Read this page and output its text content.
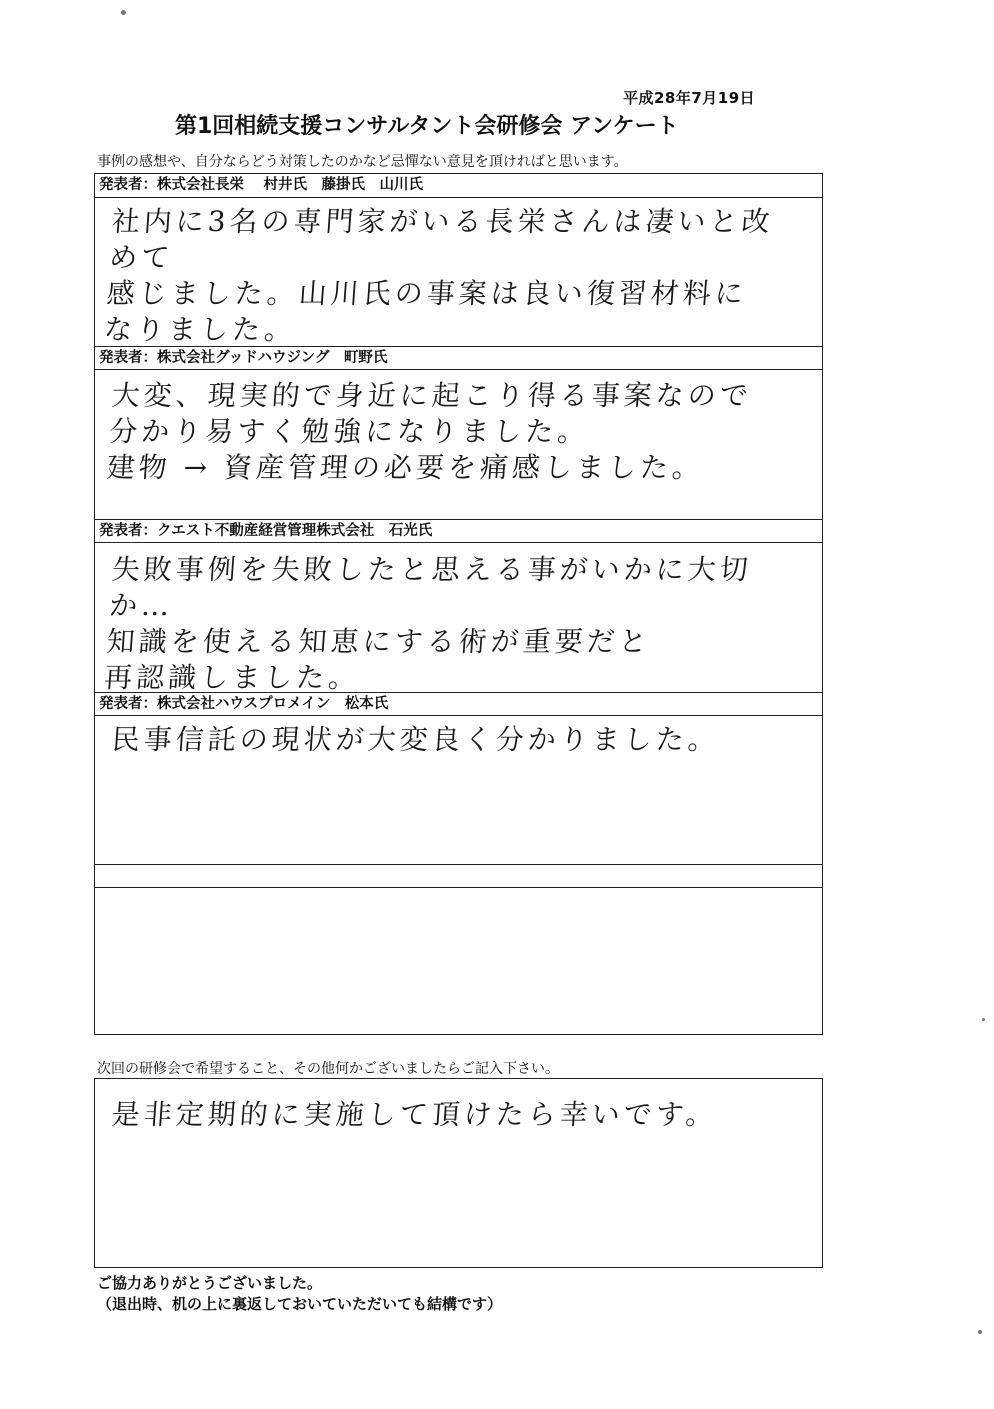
平成28年7月19日
第1回相続支援コンサルタント会研修会 アンケート
事例の感想や、自分ならどう対策したのかなど忌憚ない意見を頂ければと思います。
発表者：株式会社長栄　 村井氏　藤掛氏　山川氏
社内に3名の専門家がいる長栄さんは凄いと改めて
感じました。山川氏の事案は良い復習材料に
なりました。
発表者：株式会社グッドハウジング　町野氏
大変、現実的で身近に起こり得る事案なので
分かり易すく勉強になりました。
建物 → 資産管理の必要を痛感しました。
発表者：クエスト不動産経営管理株式会社　石光氏
失敗事例を失敗したと思える事がいかに大切か…
知識を使える知恵にする術が重要だと
再認識しました。
発表者：株式会社ハウスプロメイン　松本氏
民事信託の現状が大変良く分かりました。
次回の研修会で希望すること、その他何かございましたらご記入下さい。
是非定期的に実施して頂けたら幸いです。
ご協力ありがとうございました。
（退出時、机の上に裏返しておいていただいても結構です）
